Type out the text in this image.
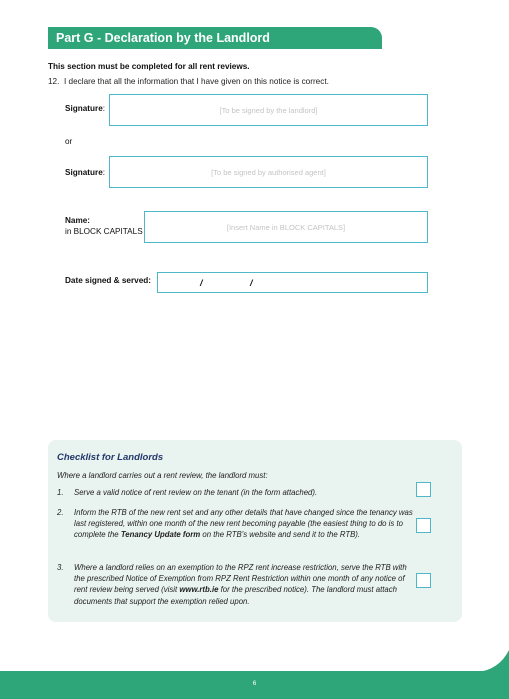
Part G - Declaration by the Landlord
This section must be completed for all rent reviews.
12. I declare that all the information that I have given on this notice is correct.
Signature:	[To be signed by the landlord]
or
Signature:	[To be signed by authorised agent]
Name:
in BLOCK CAPITALS	[Insert Name in BLOCK CAPITALS]
Date signed & served:	/	/
Checklist for Landlords
Where a landlord carries out a rent review, the landlord must:
1. Serve a valid notice of rent review on the tenant (in the form attached).
2. Inform the RTB of the new rent set and any other details that have changed since the tenancy was last registered, within one month of the new rent becoming payable (the easiest thing to do is to complete the Tenancy Update form on the RTB's website and send it to the RTB).
3. Where a landlord relies on an exemption to the RPZ rent increase restriction, serve the RTB with the prescribed Notice of Exemption from RPZ Rent Restriction within one month of any notice of rent review being served (visit www.rtb.ie for the prescribed notice). The landlord must attach documents that support the exemption relied upon.
6
